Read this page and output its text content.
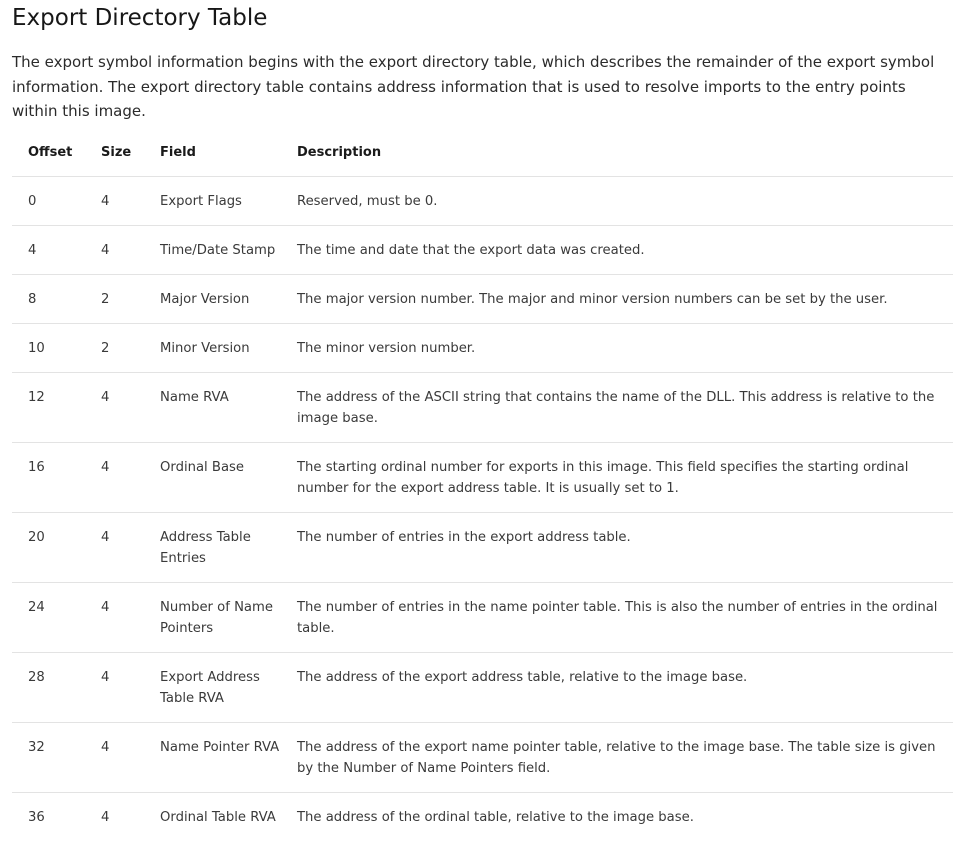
Export Directory Table

The export symbol information begins with the export directory table, which describes the remainder of the export symbol information. The export directory table contains address information that is used to resolve imports to the entry points within this image.

Offset	Size	Field	Description
0	4	Export Flags	Reserved, must be 0.
4	4	Time/Date Stamp	The time and date that the export data was created.
8	2	Major Version	The major version number. The major and minor version numbers can be set by the user.
10	2	Minor Version	The minor version number.
12	4	Name RVA	The address of the ASCII string that contains the name of the DLL. This address is relative to the image base.
16	4	Ordinal Base	The starting ordinal number for exports in this image. This field specifies the starting ordinal number for the export address table. It is usually set to 1.
20	4	Address Table Entries	The number of entries in the export address table.
24	4	Number of Name Pointers	The number of entries in the name pointer table. This is also the number of entries in the ordinal table.
28	4	Export Address Table RVA	The address of the export address table, relative to the image base.
32	4	Name Pointer RVA	The address of the export name pointer table, relative to the image base. The table size is given by the Number of Name Pointers field.
36	4	Ordinal Table RVA	The address of the ordinal table, relative to the image base.
